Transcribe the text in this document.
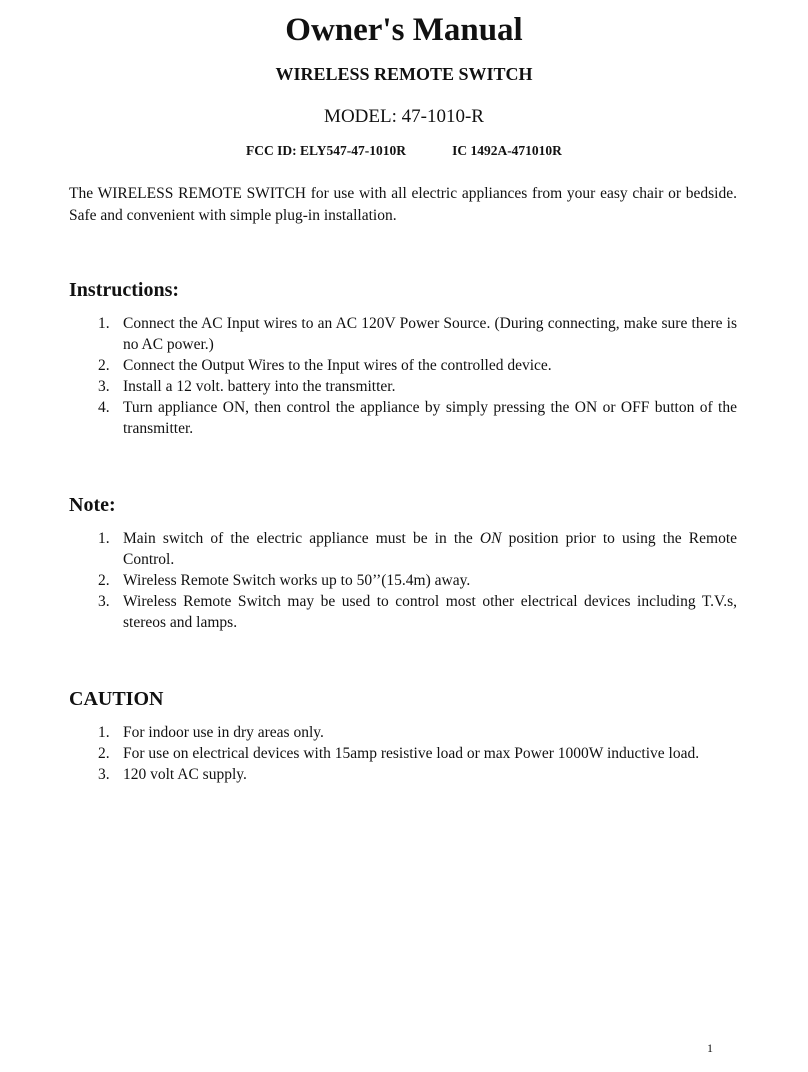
Owner's Manual
WIRELESS REMOTE SWITCH
MODEL: 47-1010-R
FCC ID: ELY547-47-1010R	IC 1492A-471010R

The WIRELESS REMOTE SWITCH for use with all electric appliances from your easy chair or bedside. Safe and convenient with simple plug-in installation.

Instructions:
1. Connect the AC Input wires to an AC 120V Power Source. (During connecting, make sure there is no AC power.)
2. Connect the Output Wires to the Input wires of the controlled device.
3. Install a 12 volt. battery into the transmitter.
4. Turn appliance ON, then control the appliance by simply pressing the ON or OFF button of the transmitter.
Note:
1. Main switch of the electric appliance must be in the ON position prior to using the Remote Control.
2. Wireless Remote Switch works up to 50’’(15.4m) away.
3. Wireless Remote Switch may be used to control most other electrical devices including T.V.s, stereos and lamps.
CAUTION
1. For indoor use in dry areas only.
2. For use on electrical devices with 15amp resistive load or max Power 1000W inductive load.
3. 120 volt AC supply.
1
